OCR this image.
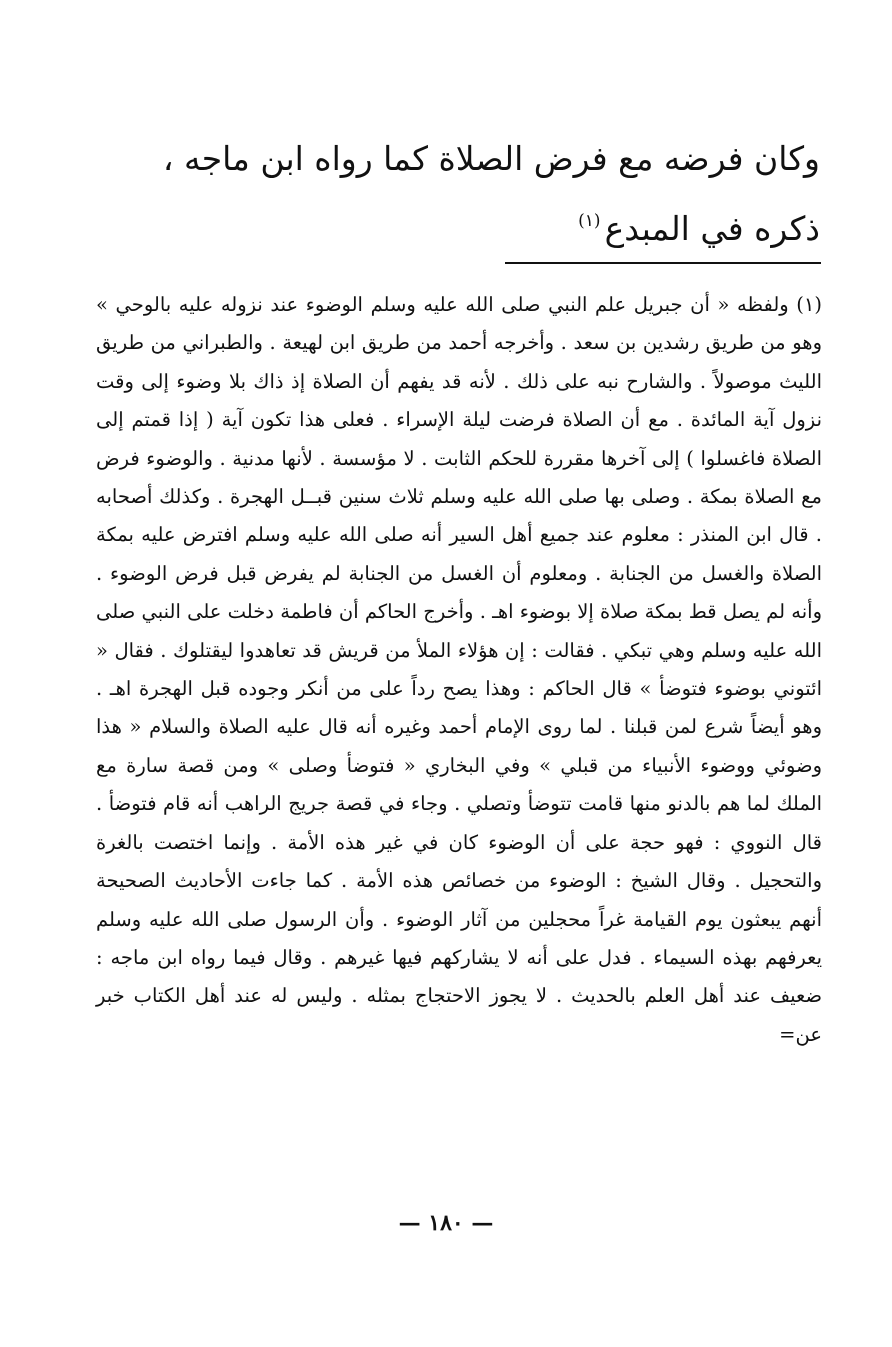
وكان فرضه مع فرض الصلاة كما رواه ابن ماجه ، ذكره في المبدع$^{(١)}$

(١) ولفظه « أن جبريل علم النبي صلى الله عليه وسلم الوضوء عند نزوله عليه بالوحي » وهو من طريق رشدين بن سعد . وأخرجه أحمد من طريق ابن لهيعة . والطبراني من طريق الليث موصولاً . والشارح نبه على ذلك . لأنه قد يفهم أن الصلاة إذ ذاك بلا وضوء إلى وقت نزول آية المائدة . مع أن الصلاة فرضت ليلة الإسراء . فعلى هذا تكون آية ( إذا قمتم إلى الصلاة فاغسلوا ) إلى آخرها مقررة للحكم الثابت . لا مؤسسة . لأنها مدنية . والوضوء فرض مع الصلاة بمكة . وصلى بها صلى الله عليه وسلم ثلاث سنين قبــل الهجرة . وكذلك أصحابه . قال ابن المنذر : معلوم عند جميع أهل السير أنه صلى الله عليه وسلم افترض عليه بمكة الصلاة والغسل من الجنابة . ومعلوم أن الغسل من الجنابة لم يفرض قبل فرض الوضوء . وأنه لم يصل قط بمكة صلاة إلا بوضوء اهـ . وأخرج الحاكم أن فاطمة دخلت على النبي صلى الله عليه وسلم وهي تبكي . فقالت : إن هؤلاء الملأ من قريش قد تعاهدوا ليقتلوك . فقال « ائتوني بوضوء فتوضأ » قال الحاكم : وهذا يصح رداً على من أنكر وجوده قبل الهجرة اهـ . وهو أيضاً شرع لمن قبلنا . لما روى الإمام أحمد وغيره أنه قال عليه الصلاة والسلام « هذا وضوئي ووضوء الأنبياء من قبلي » وفي البخاري « فتوضأ وصلى » ومن قصة سارة مع الملك لما هم بالدنو منها قامت تتوضأ وتصلي . وجاء في قصة جريج الراهب أنه قام فتوضأ . قال النووي : فهو حجة على أن الوضوء كان في غير هذه الأمة . وإنما اختصت بالغرة والتحجيل . وقال الشيخ : الوضوء من خصائص هذه الأمة . كما جاءت الأحاديث الصحيحة أنهم يبعثون يوم القيامة غراً محجلين من آثار الوضوء . وأن الرسول صلى الله عليه وسلم يعرفهم بهذه السيماء . فدل على أنه لا يشاركهم فيها غيرهم . وقال فيما رواه ابن ماجه : ضعيف عند أهل العلم بالحديث . لا يجوز الاحتجاج بمثله . وليس له عند أهل الكتاب خبر عن=

— ١٨٠ —
